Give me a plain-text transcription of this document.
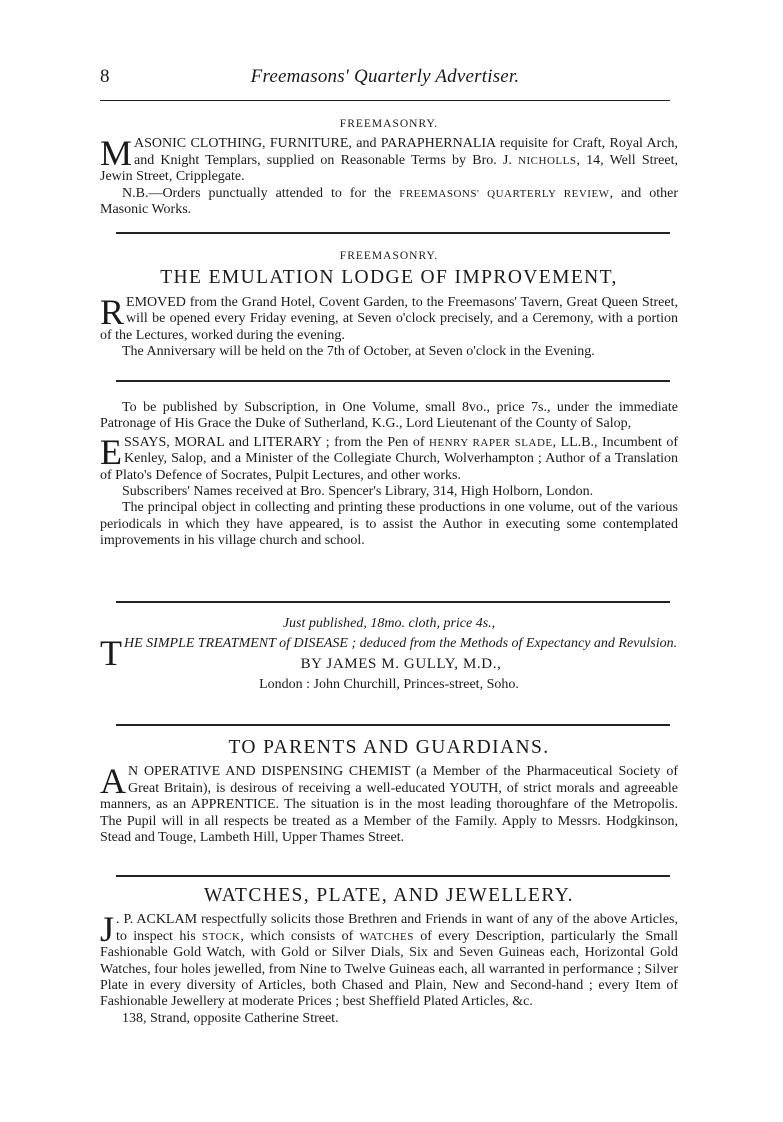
8	Freemasons' Quarterly Advertiser.
FREEMASONRY.

MASONIC CLOTHING, FURNITURE, and PARAPHERNALIA requisite for Craft, Royal Arch, and Knight Templars, supplied on Reasonable Terms by Bro. J. NICHOLLS, 14, Well Street, Jewin Street, Cripplegate.

N.B.—Orders punctually attended to for the FREEMASONS' QUARTERLY REVIEW, and other Masonic Works.

FREEMASONRY.
THE EMULATION LODGE OF IMPROVEMENT,

REMOVED from the Grand Hotel, Covent Garden, to the Freemasons' Tavern, Great Queen Street, will be opened every Friday evening, at Seven o'clock precisely, and a Ceremony, with a portion of the Lectures, worked during the evening.

The Anniversary will be held on the 7th of October, at Seven o'clock in the Evening.

To be published by Subscription, in One Volume, small 8vo., price 7s., under the immediate Patronage of His Grace the Duke of Sutherland, K.G., Lord Lieutenant of the County of Salop,

ESSAYS, MORAL and LITERARY ; from the Pen of HENRY RAPER SLADE, LL.B., Incumbent of Kenley, Salop, and a Minister of the Collegiate Church, Wolverhampton ; Author of a Translation of Plato's Defence of Socrates, Pulpit Lectures, and other works.

Subscribers' Names received at Bro. Spencer's Library, 314, High Holborn, London.

The principal object in collecting and printing these productions in one volume, out of the various periodicals in which they have appeared, is to assist the Author in executing some contemplated improvements in his village church and school.

Just published, 18mo. cloth, price 4s.,

THE SIMPLE TREATMENT of DISEASE ; deduced from the Methods of Expectancy and Revulsion.

BY JAMES M. GULLY, M.D.,
London : John Churchill, Princes-street, Soho.
TO PARENTS AND GUARDIANS.

A N OPERATIVE AND DISPENSING CHEMIST (a Member of the Pharmaceutical Society of Great Britain), is desirous of receiving a well-educated YOUTH, of strict morals and agreeable manners, as an APPRENTICE. The situation is in the most leading thoroughfare of the Metropolis. The Pupil will in all respects be treated as a Member of the Family. Apply to Messrs. Hodgkinson, Stead and Touge, Lambeth Hill, Upper Thames Street.

WATCHES, PLATE, AND JEWELLERY.

J . P. ACKLAM respectfully solicits those Brethren and Friends in want of any of the above Articles, to inspect his STOCK, which consists of WATCHES of every Description, particularly the Small Fashionable Gold Watch, with Gold or Silver Dials, Six and Seven Guineas each, Horizontal Gold Watches, four holes jewelled, from Nine to Twelve Guineas each, all warranted in performance ; Silver Plate in every diversity of Articles, both Chased and Plain, New and Second-hand ; every Item of Fashionable Jewellery at moderate Prices ; best Sheffield Plated Articles, &c.

138, Strand, opposite Catherine Street.
